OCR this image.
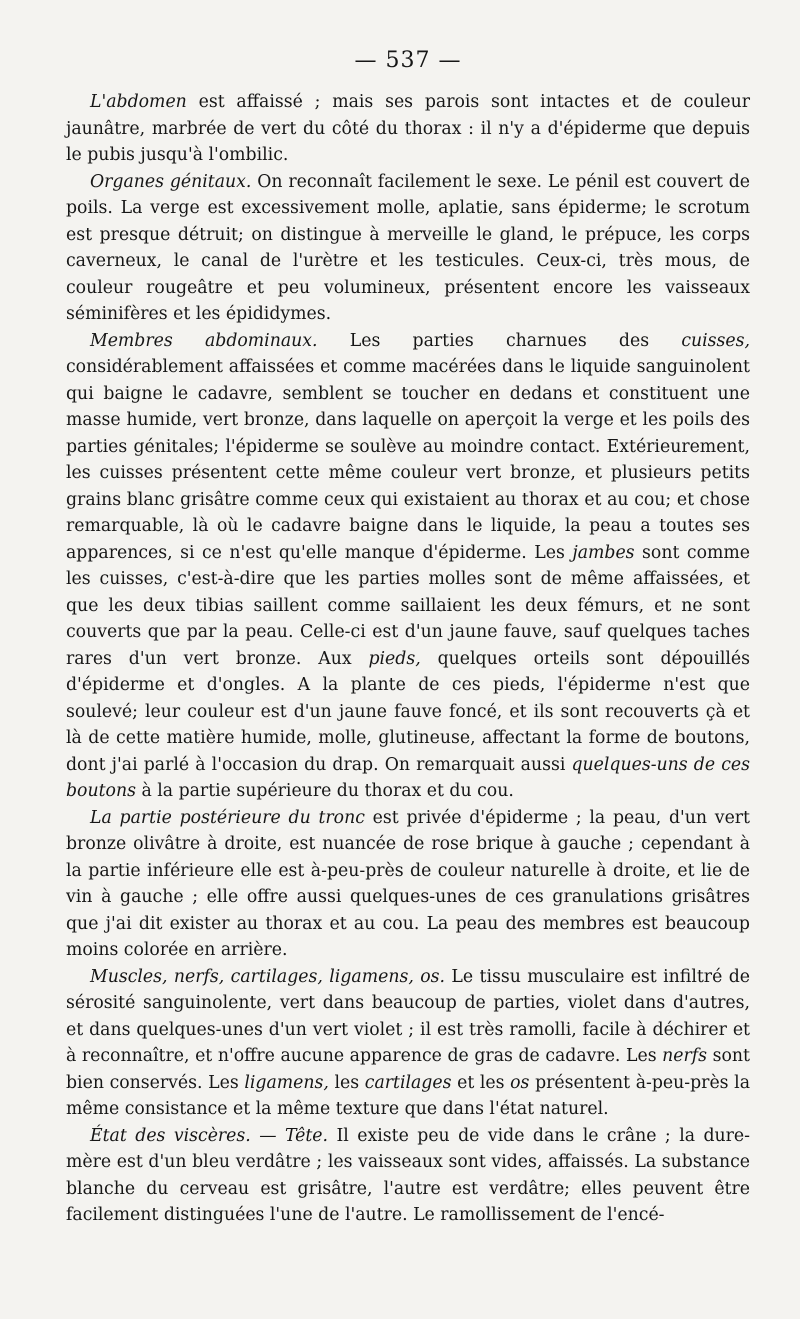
— 537 —

L'abdomen est affaissé ; mais ses parois sont intactes et de couleur jaunâtre, marbrée de vert du côté du thorax : il n'y a d'épiderme que depuis le pubis jusqu'à l'ombilic.

Organes génitaux. On reconnaît facilement le sexe. Le pénil est couvert de poils. La verge est excessivement molle, aplatie, sans épiderme; le scrotum est presque détruit; on distingue à merveille le gland, le prépuce, les corps caverneux, le canal de l'urètre et les testicules. Ceux-ci, très mous, de couleur rougeâtre et peu volumineux, présentent encore les vaisseaux séminifères et les épididymes.

Membres abdominaux. Les parties charnues des cuisses, considérablement affaissées et comme macérées dans le liquide sanguinolent qui baigne le cadavre, semblent se toucher en dedans et constituent une masse humide, vert bronze, dans laquelle on aperçoit la verge et les poils des parties génitales; l'épiderme se soulève au moindre contact. Extérieurement, les cuisses présentent cette même couleur vert bronze, et plusieurs petits grains blanc grisâtre comme ceux qui existaient au thorax et au cou; et chose remarquable, là où le cadavre baigne dans le liquide, la peau a toutes ses apparences, si ce n'est qu'elle manque d'épiderme. Les jambes sont comme les cuisses, c'est-à-dire que les parties molles sont de même affaissées, et que les deux tibias saillent comme saillaient les deux fémurs, et ne sont couverts que par la peau. Celle-ci est d'un jaune fauve, sauf quelques taches rares d'un vert bronze. Aux pieds, quelques orteils sont dépouillés d'épiderme et d'ongles. A la plante de ces pieds, l'épiderme n'est que soulevé; leur couleur est d'un jaune fauve foncé, et ils sont recouverts çà et là de cette matière humide, molle, glutineuse, affectant la forme de boutons, dont j'ai parlé à l'occasion du drap. On remarquait aussi quelques-uns de ces boutons à la partie supérieure du thorax et du cou.

La partie postérieure du tronc est privée d'épiderme ; la peau, d'un vert bronze olivâtre à droite, est nuancée de rose brique à gauche ; cependant à la partie inférieure elle est à-peu-près de couleur naturelle à droite, et lie de vin à gauche ; elle offre aussi quelques-unes de ces granulations grisâtres que j'ai dit exister au thorax et au cou. La peau des membres est beaucoup moins colorée en arrière.

Muscles, nerfs, cartilages, ligamens, os. Le tissu musculaire est infiltré de sérosité sanguinolente, vert dans beaucoup de parties, violet dans d'autres, et dans quelques-unes d'un vert violet ; il est très ramolli, facile à déchirer et à reconnaître, et n'offre aucune apparence de gras de cadavre. Les nerfs sont bien conservés. Les ligamens, les cartilages et les os présentent à-peu-près la même consistance et la même texture que dans l'état naturel.

État des viscères. — Tête. Il existe peu de vide dans le crâne ; la dure-mère est d'un bleu verdâtre ; les vaisseaux sont vides, affaissés. La substance blanche du cerveau est grisâtre, l'autre est verdâtre; elles peuvent être facilement distinguées l'une de l'autre. Le ramollissement de l'encé-
